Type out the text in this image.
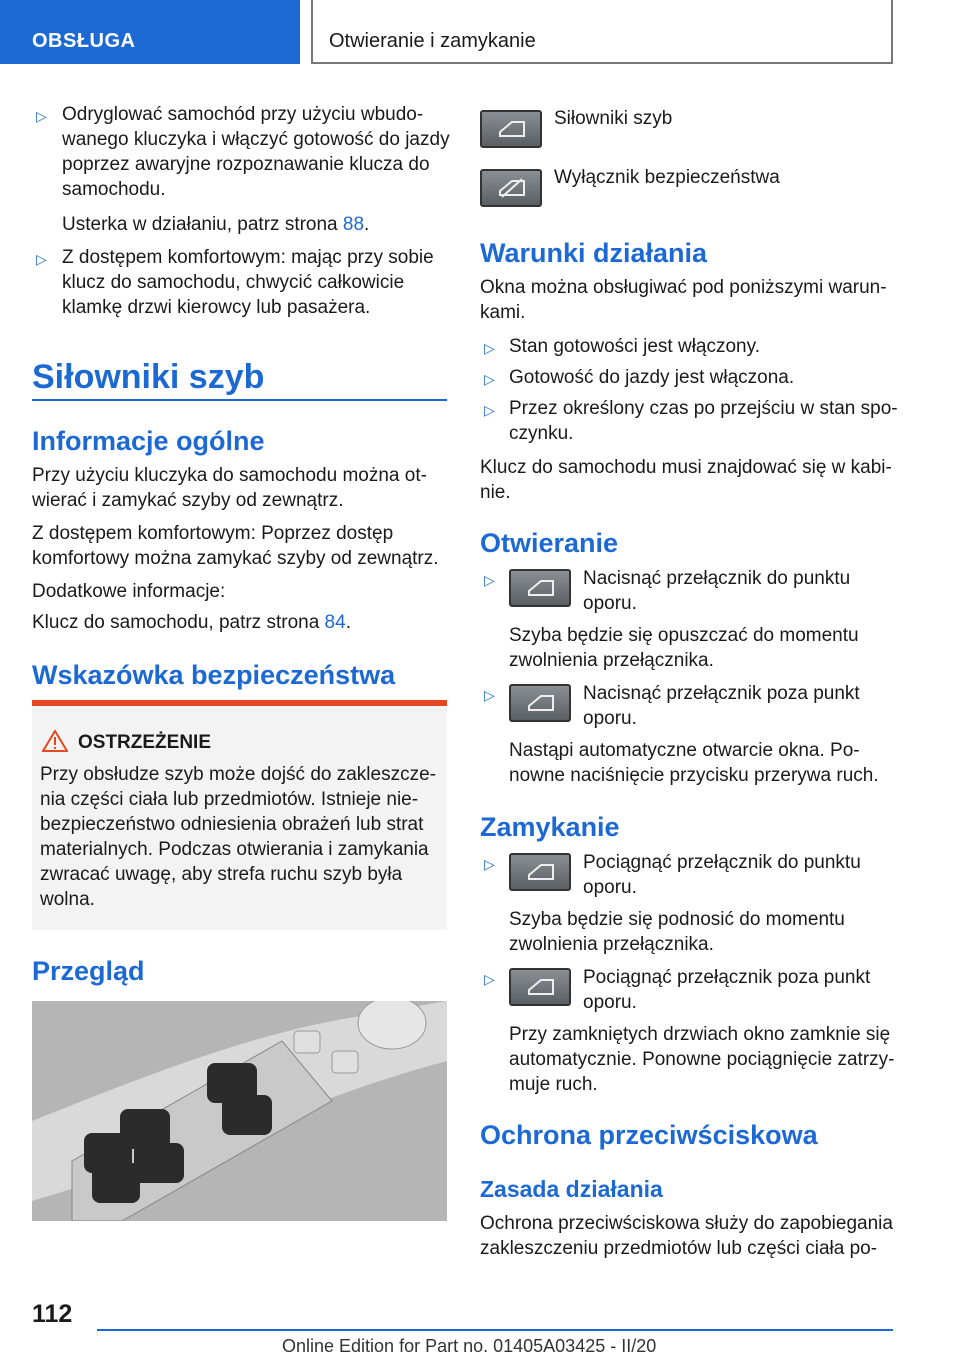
OBSŁUGA	Otwieranie i zamykanie
▷ Odryglować samochód przy użyciu wbudo-
wanego kluczyka i włączyć gotowość do jazdy
poprzez awaryjne rozpoznawanie klucza do
samochodu.
Usterka w działaniu, patrz strona 88.
▷ Z dostępem komfortowym: mając przy sobie
klucz do samochodu, chwycić całkowicie
klamkę drzwi kierowcy lub pasażera.
Siłowniki szyb
Informacje ogólne
Przy użyciu kluczyka do samochodu można ot-
wierać i zamykać szyby od zewnątrz.
Z dostępem komfortowym: Poprzez dostęp
komfortowy można zamykać szyby od zewnątrz.
Dodatkowe informacje:
Klucz do samochodu, patrz strona 84.
Wskazówka bezpieczeństwa
OSTRZEŻENIE
Przy obsłudze szyb może dojść do zakleszcze-
nia części ciała lub przedmiotów. Istnieje nie-
bezpieczeństwo odniesienia obrażeń lub strat
materialnych. Podczas otwierania i zamykania
zwracać uwagę, aby strefa ruchu szyb była
wolna.
Przegląd
Siłowniki szyb
Wyłącznik bezpieczeństwa
Warunki działania
Okna można obsługiwać pod poniższymi warun-
kami.
▷ Stan gotowości jest włączony.
▷ Gotowość do jazdy jest włączona.
▷ Przez określony czas po przejściu w stan spo-
czynku.
Klucz do samochodu musi znajdować się w kabi-
nie.
Otwieranie
▷	Nacisnąć przełącznik do punktu
oporu.
Szyba będzie się opuszczać do momentu
zwolnienia przełącznika.
▷	Nacisnąć przełącznik poza punkt
oporu.
Nastąpi automatyczne otwarcie okna. Po-
nowne naciśnięcie przycisku przerywa ruch.
Zamykanie
▷	Pociągnąć przełącznik do punktu
oporu.
Szyba będzie się podnosić do momentu
zwolnienia przełącznika.
▷	Pociągnąć przełącznik poza punkt
oporu.
Przy zamkniętych drzwiach okno zamknie się
automatycznie. Ponowne pociągnięcie zatrzy-
muje ruch.
Ochrona przeciwściskowa
Zasada działania
Ochrona przeciwściskowa służy do zapobiegania
zakleszczeniu przedmiotów lub części ciała po-
112
Online Edition for Part no. 01405A03425 - II/20
